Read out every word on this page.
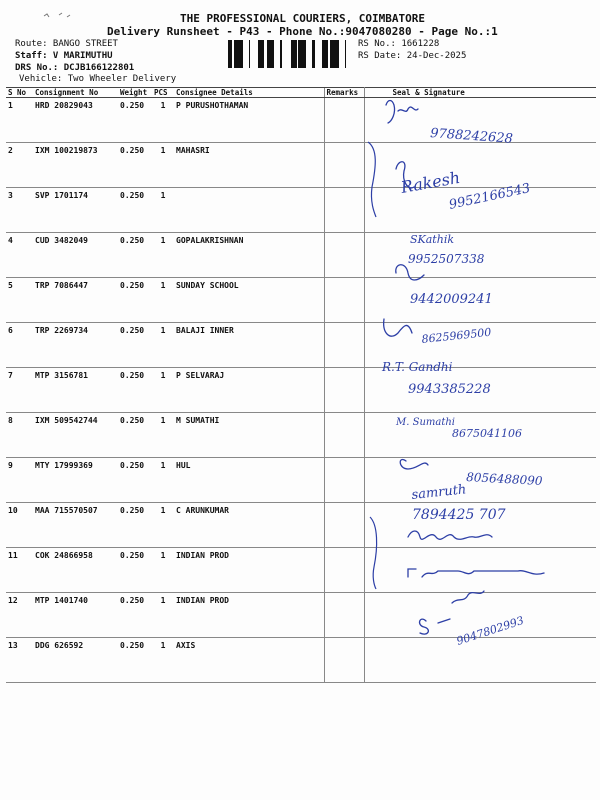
THE PROFESSIONAL COURIERS, COIMBATORE
Delivery Runsheet - P43 - Phone No.:9047080280 - Page No.:1
Route: BANGO STREET
Staff: V MARIMUTHU
DRS No.: DCJB166122801
Vehicle: Two Wheeler Delivery
RS No.: 1661228
RS Date: 24-Dec-2025
S No	Consignment No	Weight	PCS	Consignee Details	Remarks	Seal & Signature
1	HRD 20829043	0.250	1	P PURUSHOTHAMAN		
2	IXM 100219873	0.250	1	MAHASRI		
3	SVP 1701174	0.250	1			
4	CUD 3482049	0.250	1	GOPALAKRISHNAN		
5	TRP 7086447	0.250	1	SUNDAY SCHOOL		
6	TRP 2269734	0.250	1	BALAJI INNER		
7	MTP 3156781	0.250	1	P SELVARAJ		
8	IXM 509542744	0.250	1	M SUMATHI		
9	MTY 17999369	0.250	1	HUL		
10	MAA 715570507	0.250	1	C ARUNKUMAR		
11	COK 24866958	0.250	1	INDIAN PROD		
12	MTP 1401740	0.250	1	INDIAN PROD		
13	DDG 626592	0.250	1	AXIS		
9788242628
Rakesh
9952166543
SKathik
9952507338
9442009241
8625969500
R.T. Gandhi
9943385228
M. Sumathi
8675041106
8056488090
samruth
7894425 707
9047802993
